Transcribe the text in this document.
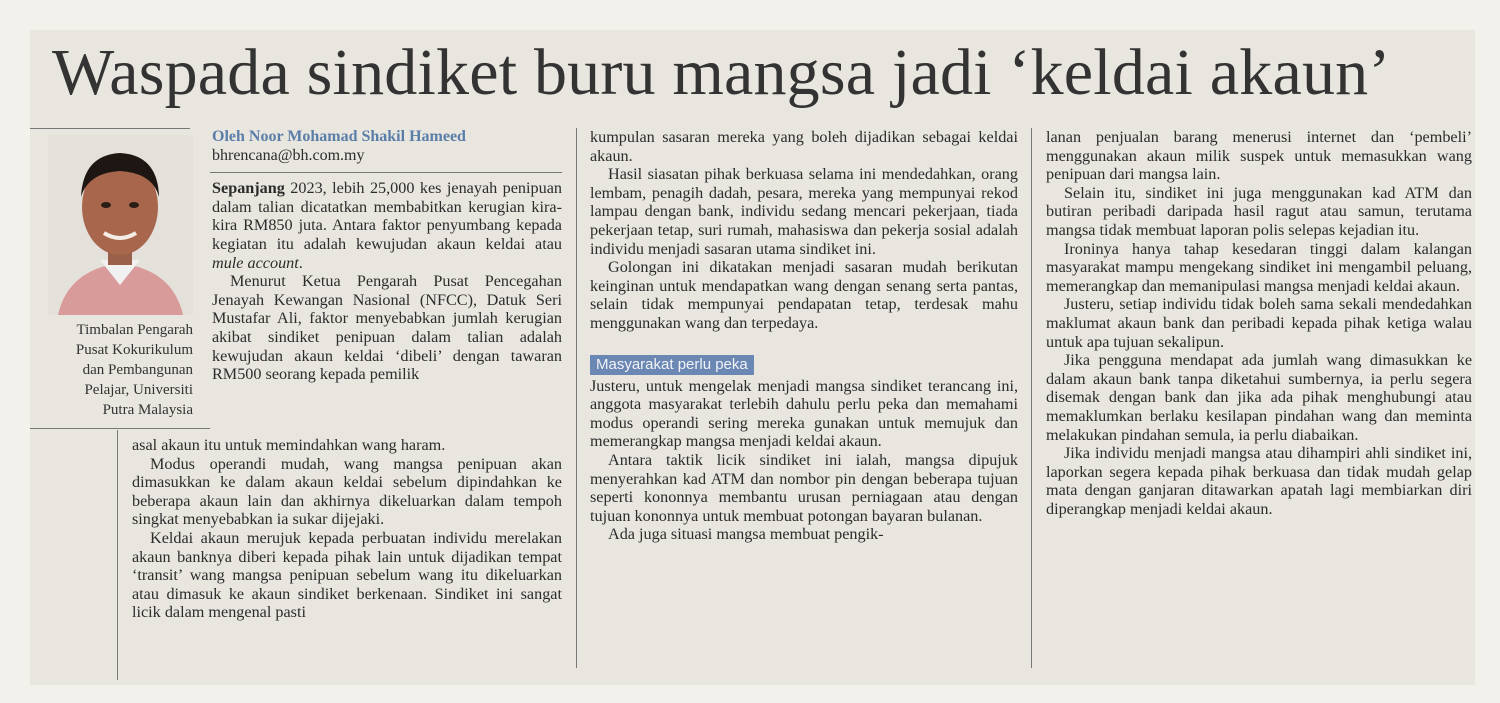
Waspada sindiket buru mangsa jadi ‘keldai akaun’
Timbalan Pengarah
Pusat Kokurikulum
dan Pembangunan
Pelajar, Universiti
Putra Malaysia
Oleh Noor Mohamad Shakil Hameed
bhrencana@bh.com.my

Sepanjang 2023, lebih 25,000 kes jenayah penipuan dalam talian dicatatkan membabitkan kerugian kira-kira RM850 juta. Antara faktor penyumbang kepada kegiatan itu adalah kewujudan akaun keldai atau mule account.

Menurut Ketua Pengarah Pusat Pencegahan Jenayah Kewangan Nasional (NFCC), Datuk Seri Mustafar Ali, faktor menyebabkan jumlah kerugian akibat sindiket penipuan dalam talian adalah kewujudan akaun keldai ‘dibeli’ dengan tawaran RM500 seorang kepada pemilik

asal akaun itu untuk memindahkan wang haram.

Modus operandi mudah, wang mangsa penipuan akan dimasukkan ke dalam akaun keldai sebelum dipindahkan ke beberapa akaun lain dan akhirnya dikeluarkan dalam tempoh singkat menyebabkan ia sukar dijejaki.

Keldai akaun merujuk kepada perbuatan individu merelakan akaun banknya diberi kepada pihak lain untuk dijadikan tempat ‘transit’ wang mangsa penipuan sebelum wang itu dikeluarkan atau dimasuk ke akaun sindiket berkenaan. Sindiket ini sangat licik dalam mengenal pasti

kumpulan sasaran mereka yang boleh dijadikan sebagai keldai akaun.

Hasil siasatan pihak berkuasa selama ini mendedahkan, orang lembam, penagih dadah, pesara, mereka yang mempunyai rekod lampau dengan bank, individu sedang mencari pekerjaan, tiada pekerjaan tetap, suri rumah, mahasiswa dan pekerja sosial adalah individu menjadi sasaran utama sindiket ini.

Golongan ini dikatakan menjadi sasaran mudah berikutan keinginan untuk mendapatkan wang dengan senang serta pantas, selain tidak mempunyai pendapatan tetap, terdesak mahu menggunakan wang dan terpedaya.

Masyarakat perlu peka

Justeru, untuk mengelak menjadi mangsa sindiket terancang ini, anggota masyarakat terlebih dahulu perlu peka dan memahami modus operandi sering mereka gunakan untuk memujuk dan memerangkap mangsa menjadi keldai akaun.

Antara taktik licik sindiket ini ialah, mangsa dipujuk menyerahkan kad ATM dan nombor pin dengan beberapa tujuan seperti kononnya membantu urusan perniagaan atau dengan tujuan kononnya untuk membuat potongan bayaran bulanan.

Ada juga situasi mangsa membuat pengik-

lanan penjualan barang menerusi internet dan ‘pembeli’ menggunakan akaun milik suspek untuk memasukkan wang penipuan dari mangsa lain.

Selain itu, sindiket ini juga menggunakan kad ATM dan butiran peribadi daripada hasil ragut atau samun, terutama mangsa tidak membuat laporan polis selepas kejadian itu.

Ironinya hanya tahap kesedaran tinggi dalam kalangan masyarakat mampu mengekang sindiket ini mengambil peluang, memerangkap dan memanipulasi mangsa menjadi keldai akaun.

Justeru, setiap individu tidak boleh sama sekali mendedahkan maklumat akaun bank dan peribadi kepada pihak ketiga walau untuk apa tujuan sekalipun.

Jika pengguna mendapat ada jumlah wang dimasukkan ke dalam akaun bank tanpa diketahui sumbernya, ia perlu segera disemak dengan bank dan jika ada pihak menghubungi atau memaklumkan berlaku kesilapan pindahan wang dan meminta melakukan pindahan semula, ia perlu diabaikan.

Jika individu menjadi mangsa atau dihampiri ahli sindiket ini, laporkan segera kepada pihak berkuasa dan tidak mudah gelap mata dengan ganjaran ditawarkan apatah lagi membiarkan diri diperangkap menjadi keldai akaun.
